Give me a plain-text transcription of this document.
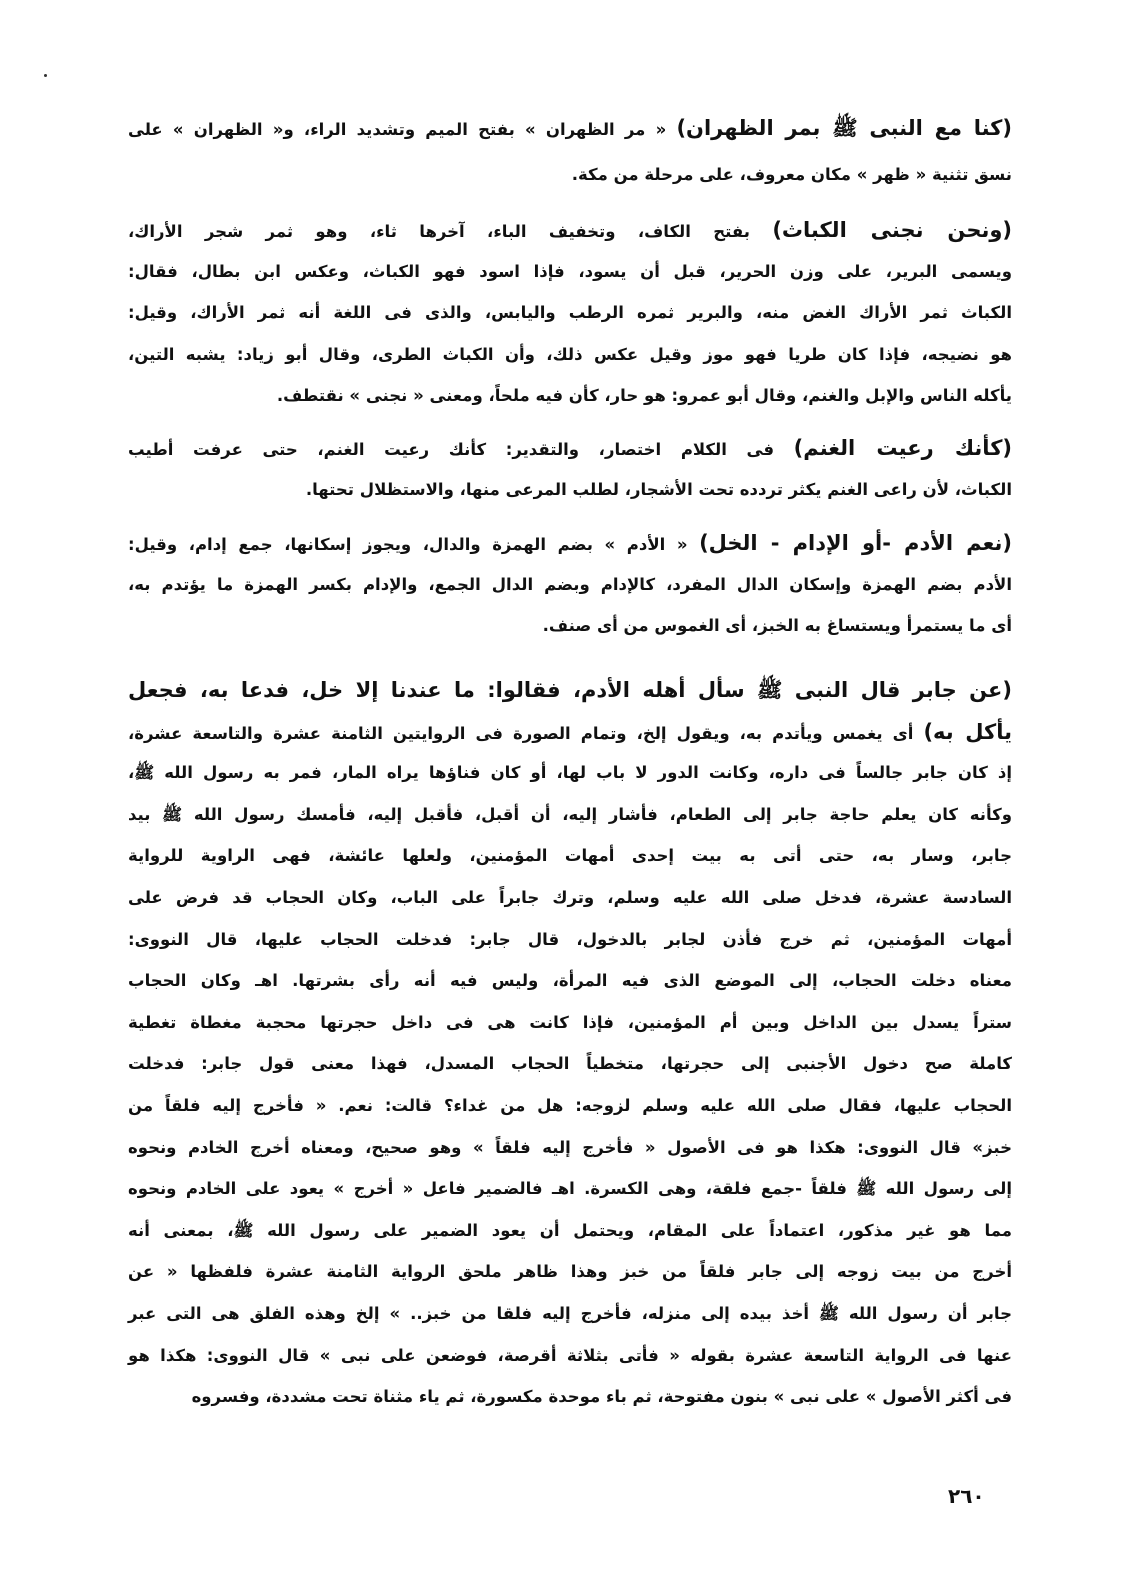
(كنا مع النبى ﷺ بمر الظهران) « مر الظهران » بفتح الميم وتشديد الراء، و« الظهران » على
نسق تثنية « ظهر » مكان معروف، على مرحلة من مكة.
(ونحن نجنى الكباث) بفتح الكاف، وتخفيف الباء، آخرها ثاء، وهو ثمر شجر الأراك،
ويسمى البرير، على وزن الحرير، قبل أن يسود، فإذا اسود فهو الكباث، وعكس ابن بطال، فقال:
الكباث ثمر الأراك الغض منه، والبرير ثمره الرطب واليابس، والذى فى اللغة أنه ثمر الأراك، وقيل:
هو نضيجه، فإذا كان طريا فهو موز وقيل عكس ذلك، وأن الكباث الطرى، وقال أبو زياد: يشبه التين،
يأكله الناس والإبل والغنم، وقال أبو عمرو: هو حار، كأن فيه ملحاً، ومعنى « نجنى » نقتطف.
(كأنك رعيت الغنم) فى الكلام اختصار، والتقدير: كأنك رعيت الغنم، حتى عرفت أطيب
الكباث، لأن راعى الغنم يكثر تردده تحت الأشجار، لطلب المرعى منها، والاستظلال تحتها.
(نعم الأدم -أو الإدام - الخل) « الأدم » بضم الهمزة والدال، ويجوز إسكانها، جمع إدام، وقيل:
الأدم بضم الهمزة وإسكان الدال المفرد، كالإدام وبضم الدال الجمع، والإدام بكسر الهمزة ما يؤتدم به،
أى ما يستمرأ ويستساغ به الخبز، أى الغموس من أى صنف.
(عن جابر قال النبى ﷺ سأل أهله الأدم، فقالوا: ما عندنا إلا خل، فدعا به، فجعل
يأكل به) أى يغمس ويأتدم به، ويقول إلخ، وتمام الصورة فى الروايتين الثامنة عشرة والتاسعة عشرة،
إذ كان جابر جالساً فى داره، وكانت الدور لا باب لها، أو كان فناؤها يراه المار، فمر به رسول الله ﷺ،
وكأنه كان يعلم حاجة جابر إلى الطعام، فأشار إليه، أن أقبل، فأقبل إليه، فأمسك رسول الله ﷺ بيد
جابر، وسار به، حتى أتى به بيت إحدى أمهات المؤمنين، ولعلها عائشة، فهى الراوية للرواية
السادسة عشرة، فدخل صلى الله عليه وسلم، وترك جابراً على الباب، وكان الحجاب قد فرض على
أمهات المؤمنين، ثم خرج فأذن لجابر بالدخول، قال جابر: فدخلت الحجاب عليها، قال النووى:
معناه دخلت الحجاب، إلى الموضع الذى فيه المرأة، وليس فيه أنه رأى بشرتها. اهـ وكان الحجاب
ستراً يسدل بين الداخل وبين أم المؤمنين، فإذا كانت هى فى داخل حجرتها محجبة مغطاة تغطية
كاملة صح دخول الأجنبى إلى حجرتها، متخطياً الحجاب المسدل، فهذا معنى قول جابر: فدخلت
الحجاب عليها، فقال صلى الله عليه وسلم لزوجه: هل من غداء؟ قالت: نعم. « فأخرج إليه فلقاً من
خبز» قال النووى: هكذا هو فى الأصول « فأخرج إليه فلقاً » وهو صحيح، ومعناه أخرج الخادم ونحوه
إلى رسول الله ﷺ فلقاً -جمع فلقة، وهى الكسرة. اهـ فالضمير فاعل « أخرج » يعود على الخادم ونحوه
مما هو غير مذكور، اعتماداً على المقام، ويحتمل أن يعود الضمير على رسول الله ﷺ، بمعنى أنه
أخرج من بيت زوجه إلى جابر فلقاً من خبز وهذا ظاهر ملحق الرواية الثامنة عشرة فلفظها « عن
جابر أن رسول الله ﷺ أخذ بيده إلى منزله، فأخرج إليه فلقا من خبز.. » إلخ وهذه الفلق هى التى عبر
عنها فى الرواية التاسعة عشرة بقوله « فأتى بثلاثة أقرصة، فوضعن على نبى » قال النووى: هكذا هو
فى أكثر الأصول » على نبى » بنون مفتوحة، ثم باء موحدة مكسورة، ثم ياء مثناة تحت مشددة، وفسروه
٢٦٠
